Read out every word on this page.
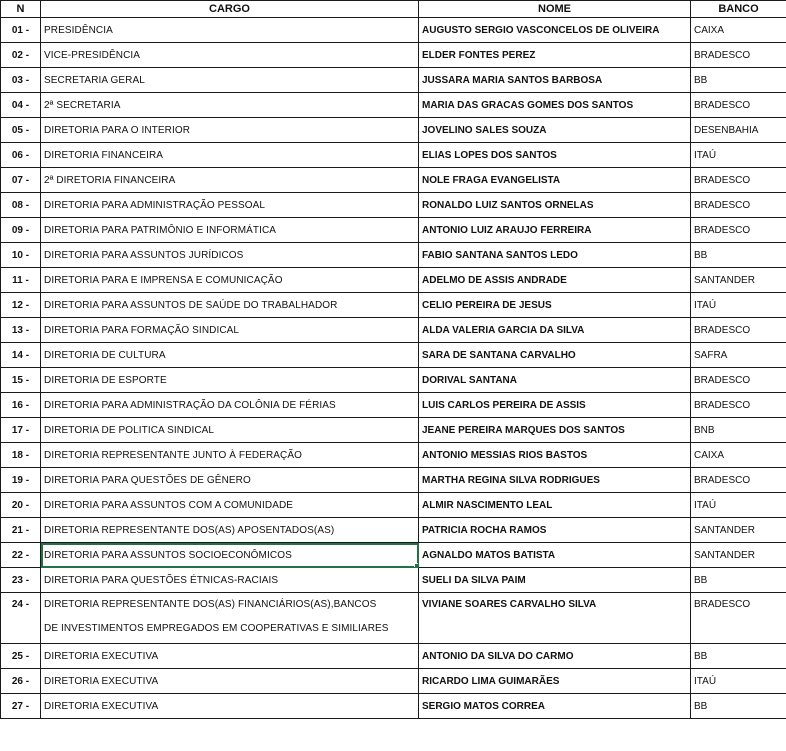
N	CARGO	NOME	BANCO
01 -	PRESIDÊNCIA	AUGUSTO SERGIO VASCONCELOS DE OLIVEIRA	CAIXA
02 -	VICE-PRESIDÊNCIA	ELDER FONTES PEREZ	BRADESCO
03 -	SECRETARIA GERAL	JUSSARA MARIA SANTOS BARBOSA	BB
04 -	2ª SECRETARIA	MARIA DAS GRACAS GOMES DOS SANTOS	BRADESCO
05 -	DIRETORIA PARA O INTERIOR	JOVELINO SALES SOUZA	DESENBAHIA
06 -	DIRETORIA FINANCEIRA	ELIAS LOPES DOS SANTOS	ITAÚ
07 -	2ª DIRETORIA FINANCEIRA	NOLE FRAGA EVANGELISTA	BRADESCO
08 -	DIRETORIA PARA ADMINISTRAÇÃO PESSOAL	RONALDO LUIZ SANTOS ORNELAS	BRADESCO
09 -	DIRETORIA PARA PATRIMÔNIO E INFORMÁTICA	ANTONIO LUIZ ARAUJO FERREIRA	BRADESCO
10 -	DIRETORIA PARA ASSUNTOS JURÍDICOS	FABIO SANTANA SANTOS LEDO	BB
11 -	DIRETORIA PARA E IMPRENSA E COMUNICAÇÃO	ADELMO DE ASSIS ANDRADE	SANTANDER
12 -	DIRETORIA PARA ASSUNTOS DE SAÚDE DO TRABALHADOR	CELIO PEREIRA DE JESUS	ITAÚ
13 -	DIRETORIA PARA FORMAÇÃO SINDICAL	ALDA VALERIA GARCIA DA SILVA	BRADESCO
14 -	DIRETORIA DE CULTURA	SARA DE SANTANA CARVALHO	SAFRA
15 -	DIRETORIA DE ESPORTE	DORIVAL SANTANA	BRADESCO
16 -	DIRETORIA PARA ADMINISTRAÇÃO DA COLÔNIA DE FÉRIAS	LUIS CARLOS PEREIRA DE ASSIS	BRADESCO
17 -	DIRETORIA DE POLITICA SINDICAL	JEANE PEREIRA MARQUES DOS SANTOS	BNB
18 -	DIRETORIA REPRESENTANTE JUNTO À FEDERAÇÃO	ANTONIO MESSIAS RIOS BASTOS	CAIXA
19 -	DIRETORIA PARA QUESTÕES DE GÊNERO	MARTHA REGINA SILVA RODRIGUES	BRADESCO
20 -	DIRETORIA PARA ASSUNTOS COM A COMUNIDADE	ALMIR NASCIMENTO LEAL	ITAÚ
21 -	DIRETORIA REPRESENTANTE DOS(AS) APOSENTADOS(AS)	PATRICIA ROCHA RAMOS	SANTANDER
22 -	DIRETORIA PARA ASSUNTOS SOCIOECONÔMICOS	AGNALDO MATOS BATISTA	SANTANDER
23 -	DIRETORIA PARA QUESTÕES ÉTNICAS-RACIAIS	SUELI DA SILVA PAIM	BB
24 -	DIRETORIA REPRESENTANTE DOS(AS) FINANCIÁRIOS(AS),BANCOS
DE INVESTIMENTOS EMPREGADOS EM COOPERATIVAS E SIMILIARES	VIVIANE SOARES CARVALHO SILVA	BRADESCO
25 -	DIRETORIA EXECUTIVA	ANTONIO DA SILVA DO CARMO	BB
26 -	DIRETORIA EXECUTIVA	RICARDO LIMA GUIMARÃES	ITAÚ
27 -	DIRETORIA EXECUTIVA	SERGIO MATOS CORREA	BB
